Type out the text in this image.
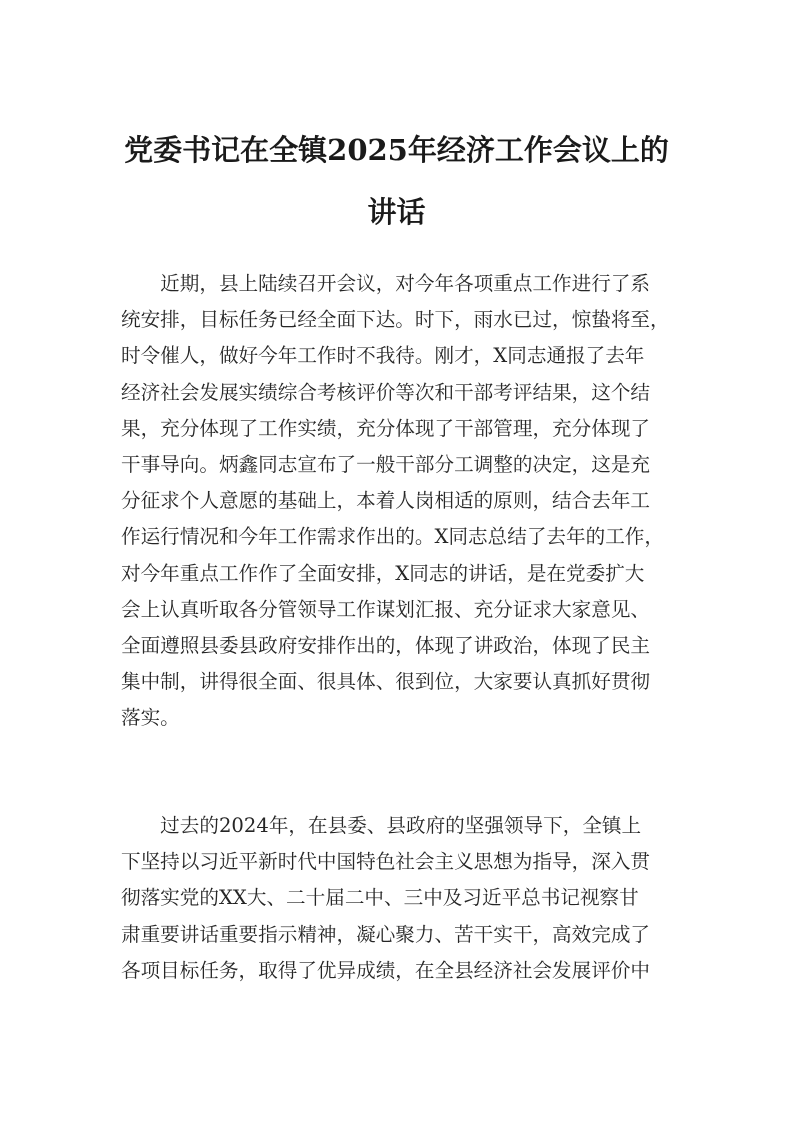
党委书记在全镇2025年经济工作会议上的
讲话
　　近期，县上陆续召开会议，对今年各项重点工作进行了系
统安排，目标任务已经全面下达。时下，雨水已过，惊蛰将至，
时令催人，做好今年工作时不我待。刚才，X同志通报了去年
经济社会发展实绩综合考核评价等次和干部考评结果，这个结
果，充分体现了工作实绩，充分体现了干部管理，充分体现了
干事导向。炳鑫同志宣布了一般干部分工调整的决定，这是充
分征求个人意愿的基础上，本着人岗相适的原则，结合去年工
作运行情况和今年工作需求作出的。X同志总结了去年的工作，
对今年重点工作作了全面安排，X同志的讲话，是在党委扩大
会上认真听取各分管领导工作谋划汇报、充分证求大家意见、
全面遵照县委县政府安排作出的，体现了讲政治，体现了民主
集中制，讲得很全面、很具体、很到位，大家要认真抓好贯彻
落实。
　　过去的2024年，在县委、县政府的坚强领导下，全镇上
下坚持以习近平新时代中国特色社会主义思想为指导，深入贯
彻落实党的XX大、二十届二中、三中及习近平总书记视察甘
肃重要讲话重要指示精神，凝心聚力、苦干实干，高效完成了
各项目标任务，取得了优异成绩，在全县经济社会发展评价中
